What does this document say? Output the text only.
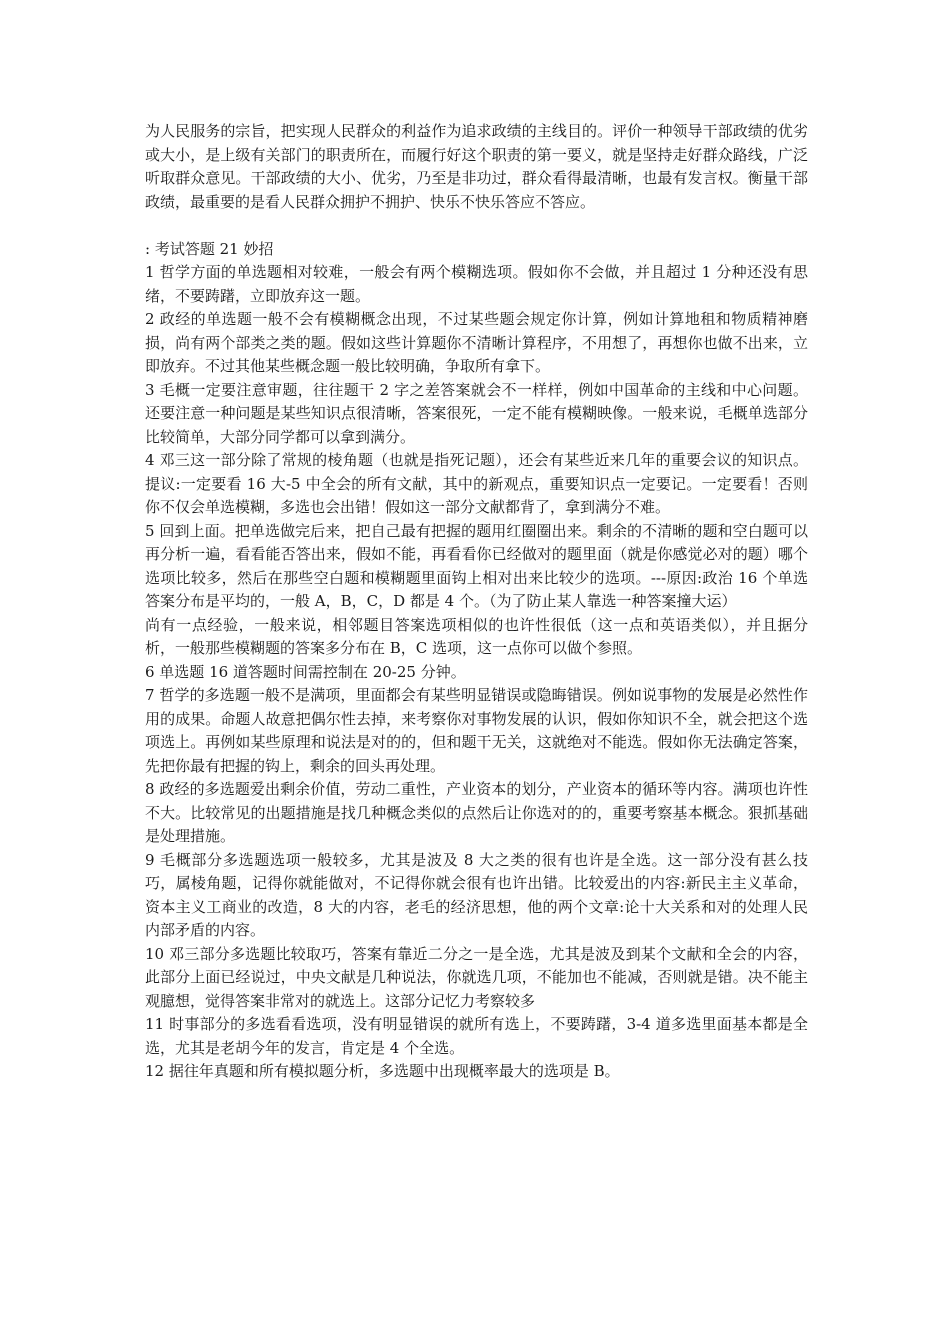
为人民服务的宗旨，把实现人民群众的利益作为追求政绩的主线目的。评价一种领导干部政绩的优劣或大小，是上级有关部门的职责所在，而履行好这个职责的第一要义，就是坚持走好群众路线，广泛听取群众意见。干部政绩的大小、优劣，乃至是非功过，群众看得最清晰，也最有发言权。衡量干部政绩，最重要的是看人民群众拥护不拥护、快乐不快乐答应不答应。

: 考试答题 21 妙招

1 哲学方面的单选题相对较难，一般会有两个模糊选项。假如你不会做，并且超过 1 分种还没有思绪，不要踌躇，立即放弃这一题。

2 政经的单选题一般不会有模糊概念出现，不过某些题会规定你计算，例如计算地租和物质精神磨损，尚有两个部类之类的题。假如这些计算题你不清晰计算程序，不用想了，再想你也做不出来，立即放弃。不过其他某些概念题一般比较明确，争取所有拿下。

3 毛概一定要注意审题，往往题干 2 字之差答案就会不一样样，例如中国革命的主线和中心问题。还要注意一种问题是某些知识点很清晰，答案很死，一定不能有模糊映像。一般来说，毛概单选部分比较简单，大部分同学都可以拿到满分。

4 邓三这一部分除了常规的棱角题（也就是指死记题），还会有某些近来几年的重要会议的知识点。提议:一定要看 16 大-5 中全会的所有文献，其中的新观点，重要知识点一定要记。一定要看！否则你不仅会单选模糊，多选也会出错！假如这一部分文献都背了，拿到满分不难。

5 回到上面。把单选做完后来，把自己最有把握的题用红圈圈出来。剩余的不清晰的题和空白题可以再分析一遍，看看能否答出来，假如不能，再看看你已经做对的题里面（就是你感觉必对的题）哪个选项比较多，然后在那些空白题和模糊题里面钩上相对出来比较少的选项。---原因:政治 16 个单选答案分布是平均的，一般 A，B，C，D 都是 4 个。（为了防止某人靠选一种答案撞大运）

尚有一点经验，一般来说，相邻题目答案选项相似的也许性很低（这一点和英语类似），并且据分析，一般那些模糊题的答案多分布在 B，C 选项，这一点你可以做个参照。

6 单选题 16 道答题时间需控制在 20-25 分钟。

7 哲学的多选题一般不是满项，里面都会有某些明显错误或隐晦错误。例如说事物的发展是必然性作用的成果。命题人故意把偶尔性去掉，来考察你对事物发展的认识，假如你知识不全，就会把这个选项选上。再例如某些原理和说法是对的的，但和题干无关，这就绝对不能选。假如你无法确定答案，先把你最有把握的钩上，剩余的回头再处理。

8 政经的多选题爱出剩余价值，劳动二重性，产业资本的划分，产业资本的循环等内容。满项也许性不大。比较常见的出题措施是找几种概念类似的点然后让你选对的的，重要考察基本概念。狠抓基础是处理措施。

9 毛概部分多选题选项一般较多，尤其是波及 8 大之类的很有也许是全选。这一部分没有甚么技巧，属棱角题，记得你就能做对，不记得你就会很有也许出错。比较爱出的内容:新民主主义革命，资本主义工商业的改造，8 大的内容，老毛的经济思想，他的两个文章:论十大关系和对的处理人民内部矛盾的内容。

10 邓三部分多选题比较取巧，答案有靠近二分之一是全选，尤其是波及到某个文献和全会的内容，此部分上面已经说过，中央文献是几种说法，你就选几项，不能加也不能减，否则就是错。决不能主观臆想，觉得答案非常对的就选上。这部分记忆力考察较多

11 时事部分的多选看看选项，没有明显错误的就所有选上，不要踌躇，3-4 道多选里面基本都是全选，尤其是老胡今年的发言，肯定是 4 个全选。

12 据往年真题和所有模拟题分析，多选题中出现概率最大的选项是 B。
